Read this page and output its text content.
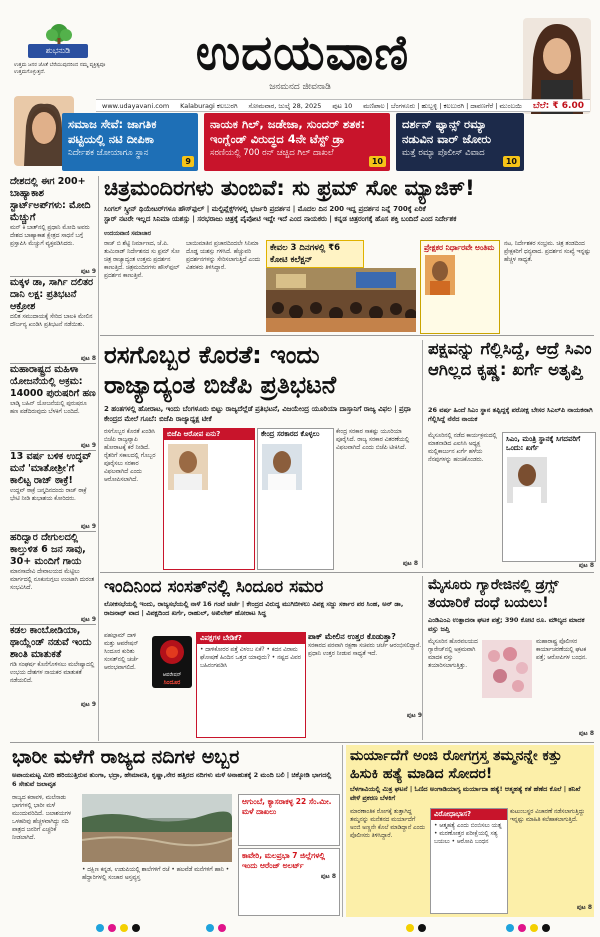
ಶುಭನುಡಿ
ಉತ್ತಮ ಜನರ ಜೊತೆ ಬೆರೆಯುವುದರಿಂದ ನಮ್ಮ ವ್ಯಕ್ತಿತ್ವವೂ ಉತ್ತಮಗೊಳ್ಳುತ್ತದೆ.	ಉದಯವಾಣಿ
ಜನಮನದ ಜೀವನಾಡಿ
www.udayavani.com Kalaburagi ಕಲಬುರಗಿ ಸೋಮವಾರ, ಜುಲೈ 28, 2025 ಪುಟ 10 ಮಣಿಪಾಲ | ಬೆಂಗಳೂರು | ಹುಬ್ಬಳ್ಳಿ | ಕಲಬುರಗಿ | ದಾವಣಗೆರೆ | ಮುಂಬಯಿ ಬೆಲೆ: ₹ 6.00
ಸಮಾಜ ಸೇವೆ: ಜಾಗತಿಕ ಪಟ್ಟಿಯಲ್ಲಿ ನಟಿ ದೀಪಿಕಾ
ನಿರ್ದೇಶಕ ಜೋಯಾಗೂ ಸ್ಥಾನ
9
ನಾಯಕ ಗಿಲ್, ಜಡೇಜಾ, ಸುಂದರ್ ಶತಕ: ಇಂಗ್ಲೆಂಡ್ ವಿರುದ್ಧದ 4ನೇ ಟೆಸ್ಟ್ ಡ್ರಾ
ಸರಣಿಯಲ್ಲಿ 700 ರನ್ ಚಚ್ಚಿದ ಗಿಲ್ ದಾಖಲೆ
10
ದರ್ಶನ್ ಫ್ಯಾನ್ಸ್ ರಮ್ಯಾ ನಡುವಿನ ವಾರ್ ಜೋರು
ಮತ್ತೆ ರಮ್ಯಾ ಪೊಲೀಸ್ ವಿವಾದ
10
ದೇಶದಲ್ಲಿ ಈಗ 200+ ಬಾಹ್ಯಾಕಾಶ ಸ್ಟಾರ್ಟ್‌ಅಪ್‌ಗಳು: ಮೋದಿ ಮೆಚ್ಚುಗೆ
ಮನ್ ಕಿ ಬಾತ್‌ನಲ್ಲಿ ಪ್ರಧಾನಿ ಮೋದಿ ಅವರು ದೇಶದ ಬಾಹ್ಯಾಕಾಶ ಕ್ಷೇತ್ರದ ಸಾಧನೆ ಬಗ್ಗೆ ಪ್ರಸ್ತಾಪಿಸಿ ಮೆಚ್ಚುಗೆ ವ್ಯಕ್ತಪಡಿಸಿದರು.
ಪುಟ 9
ಮಕ್ಕಳ ಡಾ, ಸಾರ್ಗಿ ದಲಿತರ ದಾನಿ ಲಕ್ಷ: ಪ್ರತಿಭಟನೆ ಆಕ್ರೋಶ
ದಲಿತ ಸಮುದಾಯಕ್ಕೆ ಸೇರಿದ ಬಾಲಕಿ ಮೇಲಿನ ದೌರ್ಜನ್ಯ ಖಂಡಿಸಿ ಪ್ರತಿಭಟನೆ ನಡೆಯಿತು.
ಪುಟ 8
ಮಹಾರಾಷ್ಟ್ರದ ಮಹಿಳಾ ಯೋಜನೆಯಲ್ಲಿ ಅಕ್ರಮ: 14000 ಪುರುಷರಿಗೆ ಹಣ
ಲಾಡ್ಕಿ ಬಹಿನ್ ಯೋಜನೆಯಲ್ಲಿ ಪುರುಷರೂ ಹಣ ಪಡೆದಿರುವುದು ಬೆಳಕಿಗೆ ಬಂದಿದೆ.
ಪುಟ 9
13 ವರ್ಷ ಬಳಿಕ ಉದ್ಧವ್ ಮನೆ 'ಮಾತೋಶ್ರೀ'ಗೆ ಕಾಲಿಟ್ಟ ರಾಜ್ ಠಾಕ್ರೆ!
ಉದ್ಧವ್ ಠಾಕ್ರೆ ಜನ್ಮದಿನದಂದು ರಾಜ್ ಠಾಕ್ರೆ ಭೇಟಿ ನೀಡಿ ಶುಭಾಶಯ ಕೋರಿದರು.
ಪುಟ 9
ಹರಿದ್ವಾರ ದೇಗುಲದಲ್ಲಿ ಕಾಲ್ತುಳಿತ 6 ಜನ ಸಾವು, 30+ ಮಂದಿಗೆ ಗಾಯ
ಮಾನಸಾದೇವಿ ದೇವಾಲಯದ ಮೆಟ್ಟಿಲು ಮಾರ್ಗದಲ್ಲಿ ನೂಕುನುಗ್ಗಲು ಉಂಟಾಗಿ ದುರಂತ ಸಂಭವಿಸಿದೆ.
ಪುಟ 9
ಕಡಲ ಕಾಂಬೋಡಿಯಾ, ಥಾಯ್ಲೆಂಡ್ ನಡುವೆ ಇಂದು ಶಾಂತಿ ಮಾತುಕತೆ
ಗಡಿ ಸಂಘರ್ಷ ಕೊನೆಗೊಳಿಸಲು ಮಲೇಷ್ಯಾದಲ್ಲಿ ಉಭಯ ದೇಶಗಳ ನಾಯಕರ ಮಾತುಕತೆ ನಡೆಯಲಿದೆ.
ಪುಟ 9
ಚಿತ್ರಮಂದಿರಗಳು ತುಂಬಿವೆ: ಸು ಫ್ರಮ್ ಸೋ ಮ್ಯಾಜಿಕ್!
ಸಿಂಗಲ್ ಸ್ಕ್ರೀನ್ ಥಿಯೇಟರ್‌ಗಳೂ ಹೌಸ್‌ಫುಲ್ | ಮಲ್ಟಿಪ್ಲೆಕ್ಸ್‌ಗಳಲ್ಲಿ ಭರ್ಜರಿ ಪ್ರದರ್ಶನ | ಮೊದಲ ದಿನ 200 ಇದ್ದ ಪ್ರದರ್ಶನ ನಿನ್ನೆ 700ಕ್ಕೆ ಏರಿಕೆ
ಸ್ಟಾರ್ ನಟರೇ ಇಲ್ಲದ ಸಿನಿಮಾ ಯಶಸ್ಸು | ಸರಭರಾಜು ಚಿತ್ರಕ್ಕೆ ಪೈಪೋಟಿ ಇದ್ದೇ ಇದೆ ಎಂದ ನಾಯಕರು | ಕನ್ನಡ ಚಿತ್ರರಂಗಕ್ಕೆ ಹೊಸ ಶಕ್ತಿ ಬಂದಿದೆ ಎಂದ ನಿರ್ದೇಶಕ
ಉದಯವಾಣಿ ಸಮಾಚಾರ
ರಾಜ್ ಬಿ ಶೆಟ್ಟಿ ನಿರ್ಮಾಣದ, ಜೆ.ಪಿ. ತುಮಿನಾಡ್ ನಿರ್ದೇಶನದ ಸು ಫ್ರಮ್ ಸೋ ಚಿತ್ರ ರಾಜ್ಯಾದ್ಯಂತ ಉತ್ತಮ ಪ್ರದರ್ಶನ ಕಾಣುತ್ತಿದೆ. ಚಿತ್ರಮಂದಿರಗಳು ಹೌಸ್‌ಫುಲ್ ಪ್ರದರ್ಶನ ಕಾಣುತ್ತಿವೆ.
ಬಾಯಿಮಾತಿನ ಪ್ರಚಾರದಿಂದಲೇ ಸಿನಿಮಾ ದೊಡ್ಡ ಯಶಸ್ಸು ಗಳಿಸಿದೆ. ಹೆಚ್ಚುವರಿ ಪ್ರದರ್ಶನಗಳನ್ನು ಸೇರಿಸಲಾಗುತ್ತಿದೆ ಎಂದು ವಿತರಕರು ತಿಳಿಸಿದ್ದಾರೆ.
ಕೇವಲ 3 ದಿನಗಳಲ್ಲಿ ₹6 ಕೋಟಿ ಕಲೆಕ್ಷನ್
ಪ್ರೇಕ್ಷಕರ ನಿರ್ಧಾರವೇ ಅಂತಿಮ	ನಟ, ನಿರ್ದೇಶಕರ ಸಂಭ್ರಮ. ಚಿತ್ರ ತಂಡದಿಂದ ಪ್ರೇಕ್ಷಕರಿಗೆ ಧನ್ಯವಾದ. ಪ್ರದರ್ಶನ ಸಂಖ್ಯೆ ಇನ್ನಷ್ಟು ಹೆಚ್ಚಳ ಸಾಧ್ಯತೆ.
ರಸಗೊಬ್ಬರ ಕೊರತೆ: ಇಂದು
ರಾಜ್ಯಾದ್ಯಂತ ಬಿಜೆಪಿ ಪ್ರತಿಭಟನೆ
2 ಹಂತಗಳಲ್ಲಿ ಹೋರಾಟ, ಇಂದು ಬೆಂಗಳೂರು ಬಿಟ್ಟು ರಾಜ್ಯದೆಲ್ಲೆಡೆ ಪ್ರತಿಭಟನೆ, ವಿಜಯೇಂದ್ರ ಯೂರಿಯಾ ದಾಸ್ತಾನಿಗೆ ರಾಜ್ಯ ವಿಫಲ | ಪ್ರಧಾ ಕೇಂದ್ರದ ಮೇಲೆ ಗೂಬೆ: ಬಿಜೆಪಿ ರಾಜ್ಯಾಧ್ಯಕ್ಷ ಟೀಕೆ
ರಸಗೊಬ್ಬರ ಕೊರತೆ ಖಂಡಿಸಿ ಬಿಜೆಪಿ ರಾಜ್ಯವ್ಯಾಪಿ ಹೋರಾಟಕ್ಕೆ ಕರೆ ನೀಡಿದೆ. ರೈತರಿಗೆ ಸಕಾಲದಲ್ಲಿ ಗೊಬ್ಬರ ಪೂರೈಸಲು ಸರಕಾರ ವಿಫಲವಾಗಿದೆ ಎಂದು ಆರೋಪಿಸಲಾಗಿದೆ.
ಬಿಜೆಪಿ ಆರೋಪ ಏನು?	ಕೇಂದ್ರ ಸರಕಾರದ ಕೊಳ್ಳಲು	ಕೇಂದ್ರ ಸರಕಾರ ಸಾಕಷ್ಟು ಯೂರಿಯಾ ಪೂರೈಸಿದೆ. ರಾಜ್ಯ ಸರಕಾರ ವಿತರಣೆಯಲ್ಲಿ ವಿಫಲವಾಗಿದೆ ಎಂದು ಬಿಜೆಪಿ ಟೀಕಿಸಿದೆ.
ಪುಟ 8
ಪಕ್ಷವನ್ನು ಗೆಲ್ಲಿಸಿದ್ದೆ, ಆದ್ರೆ ಸಿಎಂ ಆಗಿಲ್ಲದ ಕೃಷ್ಣ: ಖರ್ಗೆ ಅತೃಪ್ತಿ
26 ವರ್ಷ ಹಿಂದೆ ಸಿಎಂ ಸ್ಥಾನ ತಪ್ಪಿದ್ದಕ್ಕೆ ಪರೋಕ್ಷ ಬೇಸರ ಸಿಎಲ್‌ಪಿ ನಾಯಕನಾಗಿ ಗೆಲ್ಲಿಸಿದ್ದೆ ನೆನೆದ ನಾಯಕ
ಮೈಸೂರಿನಲ್ಲಿ ನಡೆದ ಕಾರ್ಯಕ್ರಮದಲ್ಲಿ ಮಾತನಾಡಿದ ಎಐಸಿಸಿ ಅಧ್ಯಕ್ಷ ಮಲ್ಲಿಕಾರ್ಜುನ ಖರ್ಗೆ ಹಳೆಯ ನೆನಪುಗಳನ್ನು ಹಂಚಿಕೊಂಡರು.
ಸಿಎಂ, ಮಂತ್ರಿ ಸ್ಥಾನಕ್ಕೆ ಸಿಗದವರಿಗೆ ಒಂದು: ಖರ್ಗೆ
ಪುಟ 8
ಇಂದಿನಿಂದ ಸಂಸತ್‌ನಲ್ಲಿ ಸಿಂದೂರ ಸಮರ
ಲೋಕಸಭೆಯಲ್ಲಿ ಇಂದು, ರಾಜ್ಯಸಭೆಯಲ್ಲಿ ನಾಳೆ 16 ಗಂಟೆ ಚರ್ಚೆ | ಕೇಂದ್ರದ ವಿರುದ್ಧ ಮುಗಿಬೀಳಲು ವಿಪಕ್ಷ ಸಜ್ಜು ಸರ್ಕಾರ ಪರ ಸಿಂಹ, ಅನ್‌ ಡಾ, ರಾಜನಾಥ್ ವಾದ | ವಿಪಕ್ಷದಿಂದ ಖರ್ಗೆ, ರಾಹುಲ್, ಅಖಿಲೇಶ್ ಹೋರಾಟ ಸಿದ್ಧ
ಪಹಲ್ಗಾಮ್ ದಾಳಿ ಮತ್ತು ಆಪರೇಷನ್ ಸಿಂದೂರ ಕುರಿತು ಸಂಸತ್‌ನಲ್ಲಿ ಚರ್ಚೆ ಆರಂಭವಾಗಲಿದೆ.
ಆಪರೇಷನ್
ಸಿಂದೂರ
ವಿಪಕ್ಷಗಳ ಬೇಡಿಕೆ?
• ದಾಳಿಕೋರರ ಪತ್ತೆ ವಿಳಂಬ ಏಕೆ? • ಕದನ ವಿರಾಮ ಘೋಷಣೆ ಹಿಂದಿನ ಒತ್ತಡ ಯಾವುದು? • ನಷ್ಟದ ವಿವರ ಬಹಿರಂಗಪಡಿಸಿ
ಪಾಕ್ ಮೇಲಿನ ಉತ್ತರ ಕೊಡುತ್ತಾ?
ಸರಕಾರದ ಪರವಾಗಿ ರಕ್ಷಣಾ ಸಚಿವರು ಚರ್ಚೆ ಆರಂಭಿಸಲಿದ್ದಾರೆ. ಪ್ರಧಾನಿ ಉತ್ತರ ನೀಡುವ ಸಾಧ್ಯತೆ ಇದೆ.
ಪುಟ 9
ಮೈಸೂರು ಗ್ಯಾರೇಜಿನಲ್ಲಿ ಡ್ರಗ್ಸ್ ತಯಾರಿಕೆ ದಂಧೆ ಬಯಲು!
ಎಂಡಿಎಂಎ ಉತ್ಪಾದನಾ ಘಟಕ ಪತ್ತೆ; 390 ಕೋಟಿ ರೂ. ಮೌಲ್ಯದ ಮಾದಕ ವಸ್ತು ಜಪ್ತಿ
ಮೈಸೂರಿನ ಹೊರವಲಯದ ಗ್ಯಾರೇಜ್‌ನಲ್ಲಿ ಅಕ್ರಮವಾಗಿ ಮಾದಕ ವಸ್ತು ತಯಾರಿಸಲಾಗುತ್ತಿತ್ತು.
ಮಹಾರಾಷ್ಟ್ರ ಪೊಲೀಸರ ಕಾರ್ಯಾಚರಣೆಯಲ್ಲಿ ಘಟಕ ಪತ್ತೆ; ಆರೋಪಿಗಳ ಬಂಧನ.
ಪುಟ 8
ಭಾರೀ ಮಳೆಗೆ ರಾಜ್ಯದ ನದಿಗಳ ಅಬ್ಬರ
ಅಪಾಯಮಟ್ಟ ಮೀರಿ ಹರಿಯುತ್ತಿರುವ ತುಂಗಾ, ಭದ್ರಾ, ಹೇಮಾವತಿ, ಕೃಷ್ಣಾ,ನೇರ ಹತ್ತಿರದ ನದಿಗಳು ಮಳೆ ಅನಾಹುತಕ್ಕೆ 2 ಮಂದಿ ಬಲಿ | ಚಿಕ್ಕೋಡಿ ಭಾಗದಲ್ಲಿ 6 ಸೇತುವೆ ಜಲಾವೃತ
ರಾಜ್ಯದ ಕರಾವಳಿ, ಮಲೆನಾಡು ಭಾಗಗಳಲ್ಲಿ ಭಾರೀ ಮಳೆ ಮುಂದುವರಿದಿದೆ. ಜಲಾಶಯಗಳ ಒಳಹರಿವು ಹೆಚ್ಚಳವಾಗಿದ್ದು ನದಿ ಪಾತ್ರದ ಜನರಿಗೆ ಎಚ್ಚರಿಕೆ ನೀಡಲಾಗಿದೆ.
• ದಕ್ಷಿಣ ಕನ್ನಡ, ಉಡುಪಿಯಲ್ಲಿ ಶಾಲೆಗಳಿಗೆ ರಜೆ • ಹಲವೆಡೆ ಮನೆಗಳಿಗೆ ಹಾನಿ • ಹೆದ್ದಾರಿಗಳಲ್ಲಿ ಸಂಚಾರ ಅಸ್ತವ್ಯಸ್ತ
ಆಗುಂಬೆ, ಕ್ಯಾಸರಾಕಳ್ಳ 22 ಸೆಂ.ಮೀ. ಮಳೆ ದಾಖಲು
ಕಾವೇರಿ, ಮಲಪ್ರಭಾ 7 ಜಿಲ್ಲೆಗಳಲ್ಲಿ ಇಂದು ಆರೆಂಜ್ ಅಲರ್ಟ್
ಪುಟ 8
ಮರ್ಯಾದೆಗೆ ಅಂಜಿ ರೋಗಗ್ರಸ್ತ ತಮ್ಮನನ್ನೇ ಕತ್ತು ಹಿಸುಕಿ ಹತ್ಯೆ ಮಾಡಿದ ಸೋದರ!
ಬೆಳಗಾವಿಯಲ್ಲಿ ಮಿತ್ರ ಘಟನೆ | ಓಣಿದ ಅಂಗಾಡಿಯಾಗ್ಯ ಮರ್ಯಾದಾ ಹತ್ಯೆ! ಆತ್ಮಹತ್ಯೆ ಕತೆ ಹೆಣೆದ ಕೊಲೆ | ತನಿಖೆ ವೇಳೆ ಪ್ರಕರಣ ಬೆಳಕಿಗೆ
ಮಾರಣಾಂತಿಕ ರೋಗಕ್ಕೆ ತುತ್ತಾಗಿದ್ದ ತಮ್ಮನನ್ನು ಮನೆತನದ ಮರ್ಯಾದೆಗೆ ಅಂಜಿ ಅಣ್ಣನೇ ಕೊಲೆ ಮಾಡಿದ್ದಾನೆ ಎಂದು ಪೊಲೀಸರು ತಿಳಿಸಿದ್ದಾರೆ.
ವಿರೋಧಾಭಾಸ?
• ಆತ್ಮಹತ್ಯೆ ಎಂದು ಬಿಂಬಿಸಲು ಯತ್ನ • ಮರಣೋತ್ತರ ಪರೀಕ್ಷೆಯಲ್ಲಿ ಸತ್ಯ ಬಯಲು • ಆರೋಪಿ ಬಂಧನ
ಕುಟುಂಬಸ್ಥರ ವಿಚಾರಣೆ ನಡೆಸಲಾಗುತ್ತಿದ್ದು ಇನ್ನಷ್ಟು ಮಾಹಿತಿ ಕಲೆಹಾಕಲಾಗುತ್ತಿದೆ.
ಪುಟ 8
